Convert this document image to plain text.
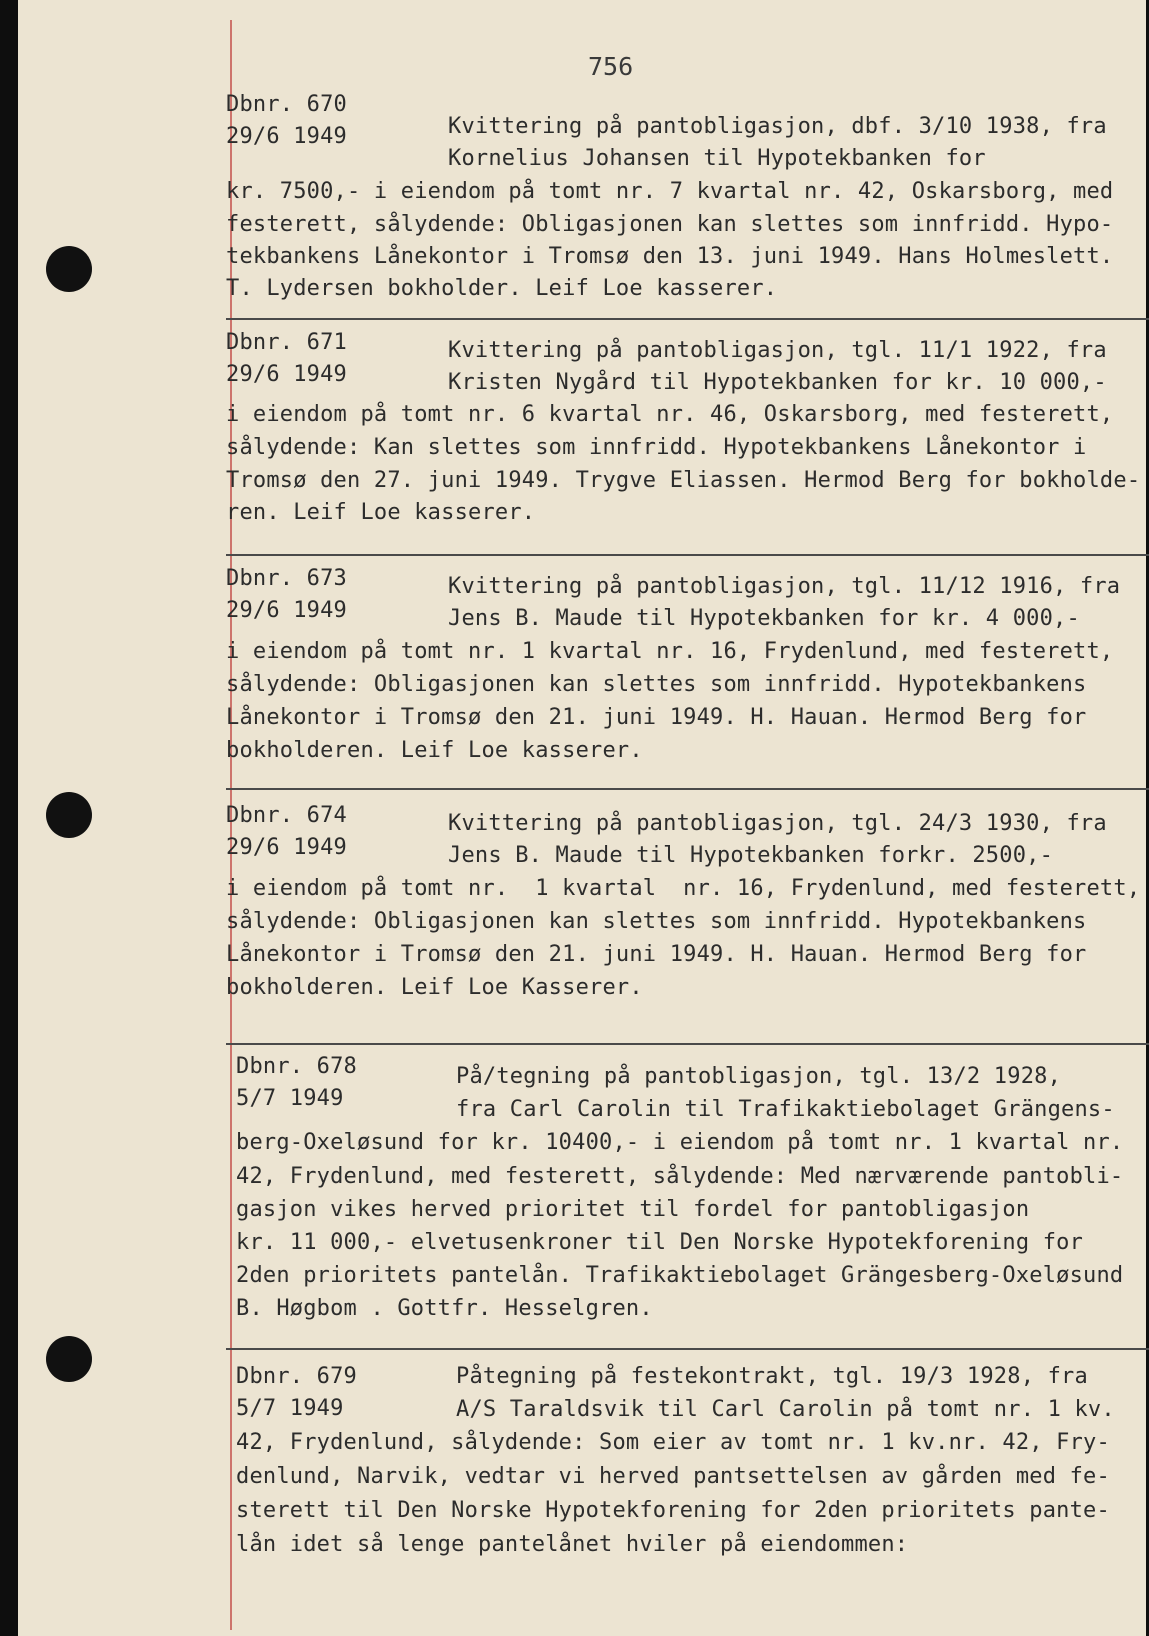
756
Dbnr. 670
29/6 1949	Kvittering på pantobligasjon, dbf. 3/10 1938, fra
Kornelius Johansen til Hypotekbanken for
kr. 7500,- i eiendom på tomt nr. 7 kvartal nr. 42, Oskarsborg, med
festerett, sålydende: Obligasjonen kan slettes som innfridd. Hypo-
tekbankens Lånekontor i Tromsø den 13. juni 1949. Hans Holmeslett.
T. Lydersen bokholder. Leif Loe kasserer.
Dbnr. 671
29/6 1949
Kvittering på pantobligasjon, tgl. 11/1 1922, fra
Kristen Nygård til Hypotekbanken for kr. 10 000,-
i eiendom på tomt nr. 6 kvartal nr. 46, Oskarsborg, med festerett,
sålydende: Kan slettes som innfridd. Hypotekbankens Lånekontor i
Tromsø den 27. juni 1949. Trygve Eliassen. Hermod Berg for bokholde-
ren. Leif Loe kasserer.
Dbnr. 673
29/6 1949
Kvittering på pantobligasjon, tgl. 11/12 1916, fra
Jens B. Maude til Hypotekbanken for kr. 4 000,-
i eiendom på tomt nr. 1 kvartal nr. 16, Frydenlund, med festerett,
sålydende: Obligasjonen kan slettes som innfridd. Hypotekbankens
Lånekontor i Tromsø den 21. juni 1949. H. Hauan. Hermod Berg for
bokholderen. Leif Loe kasserer.
Dbnr. 674
29/6 1949
Kvittering på pantobligasjon, tgl. 24/3 1930, fra
Jens B. Maude til Hypotekbanken forkr. 2500,-
i eiendom på tomt nr.  1 kvartal  nr. 16, Frydenlund, med festerett,
sålydende: Obligasjonen kan slettes som innfridd. Hypotekbankens
Lånekontor i Tromsø den 21. juni 1949. H. Hauan. Hermod Berg for
bokholderen. Leif Loe Kasserer.
Dbnr. 678
5/7 1949
På/tegning på pantobligasjon, tgl. 13/2 1928,
fra Carl Carolin til Trafikaktiebolaget Grängens-
berg-Oxeløsund for kr. 10400,- i eiendom på tomt nr. 1 kvartal nr.
42, Frydenlund, med festerett, sålydende: Med nærværende pantobli-
gasjon vikes herved prioritet til fordel for pantobligasjon
kr. 11 000,- elvetusenkroner til Den Norske Hypotekforening for
2den prioritets pantelån. Trafikaktiebolaget Grängesberg-Oxeløsund
B. Høgbom . Gottfr. Hesselgren.
Dbnr. 679
5/7 1949
Påtegning på festekontrakt, tgl. 19/3 1928, fra
A/S Taraldsvik til Carl Carolin på tomt nr. 1 kv.
42, Frydenlund, sålydende: Som eier av tomt nr. 1 kv.nr. 42, Fry-
denlund, Narvik, vedtar vi herved pantsettelsen av gården med fe-
sterett til Den Norske Hypotekforening for 2den prioritets pante-
lån idet så lenge pantelånet hviler på eiendommen:
